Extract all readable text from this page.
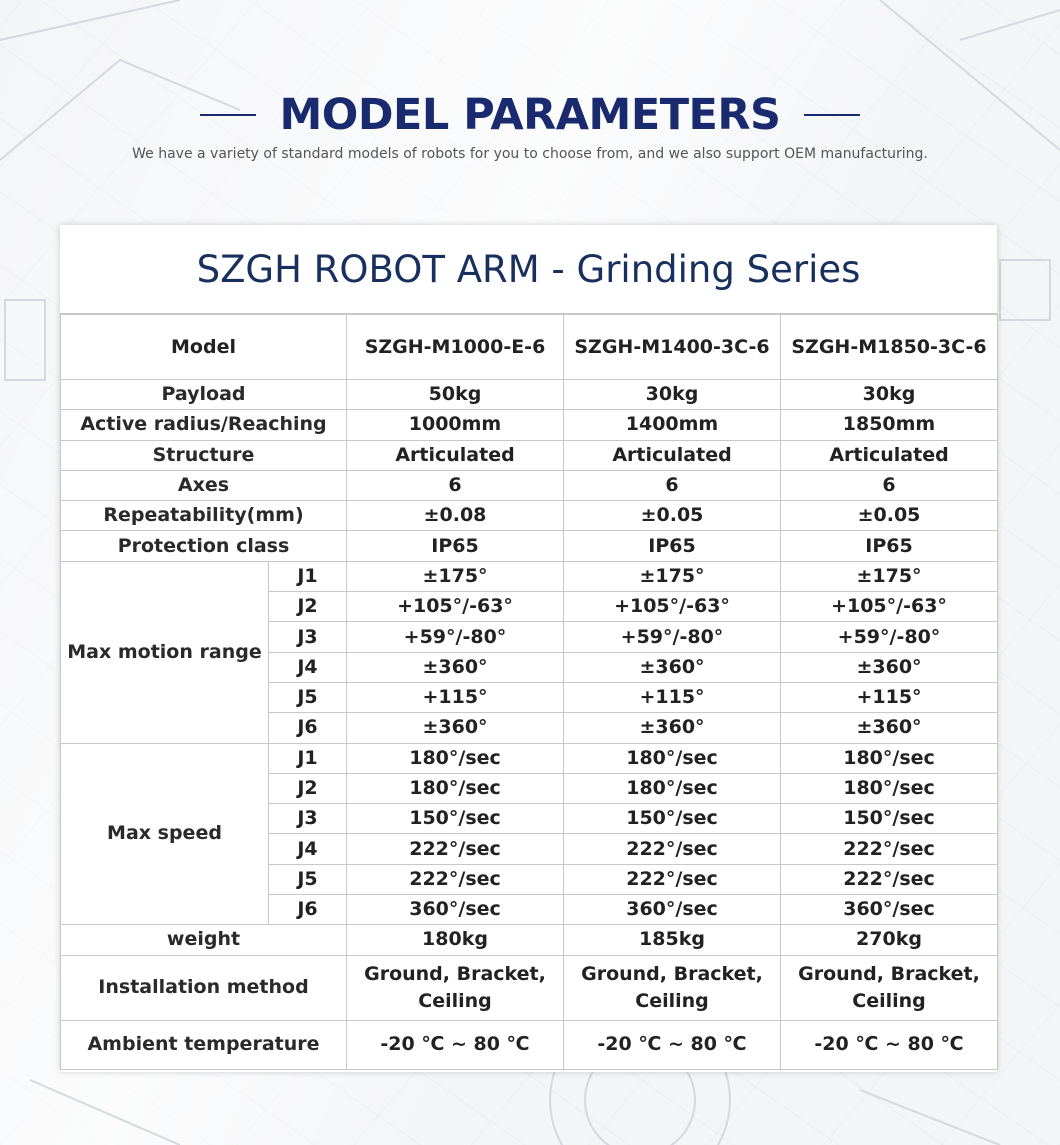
MODEL PARAMETERS
We have a variety of standard models of robots for you to choose from, and we also support OEM manufacturing.
SZGH ROBOT ARM - Grinding Series
Model		SZGH-M1000-E-6	SZGH-M1400-3C-6	SZGH-M1850-3C-6
Payload		50kg	30kg	30kg
Active radius/Reaching		1000mm	1400mm	1850mm
Structure		Articulated	Articulated	Articulated
Axes		6	6	6
Repeatability(mm)		±0.08	±0.05	±0.05
Protection class		IP65	IP65	IP65
Max motion range	J1	±175°	±175°	±175°
	J2	+105°/-63°	+105°/-63°	+105°/-63°
	J3	+59°/-80°	+59°/-80°	+59°/-80°
	J4	±360°	±360°	±360°
	J5	+115°	+115°	+115°
	J6	±360°	±360°	±360°
Max speed	J1	180°/sec	180°/sec	180°/sec
	J2	180°/sec	180°/sec	180°/sec
	J3	150°/sec	150°/sec	150°/sec
	J4	222°/sec	222°/sec	222°/sec
	J5	222°/sec	222°/sec	222°/sec
	J6	360°/sec	360°/sec	360°/sec
weight		180kg	185kg	270kg
Installation method		Ground, Bracket, Ceiling	Ground, Bracket, Ceiling	Ground, Bracket, Ceiling
Ambient temperature		-20 ℃ ~ 80 ℃	-20 ℃ ~ 80 ℃	-20 ℃ ~ 80 ℃
